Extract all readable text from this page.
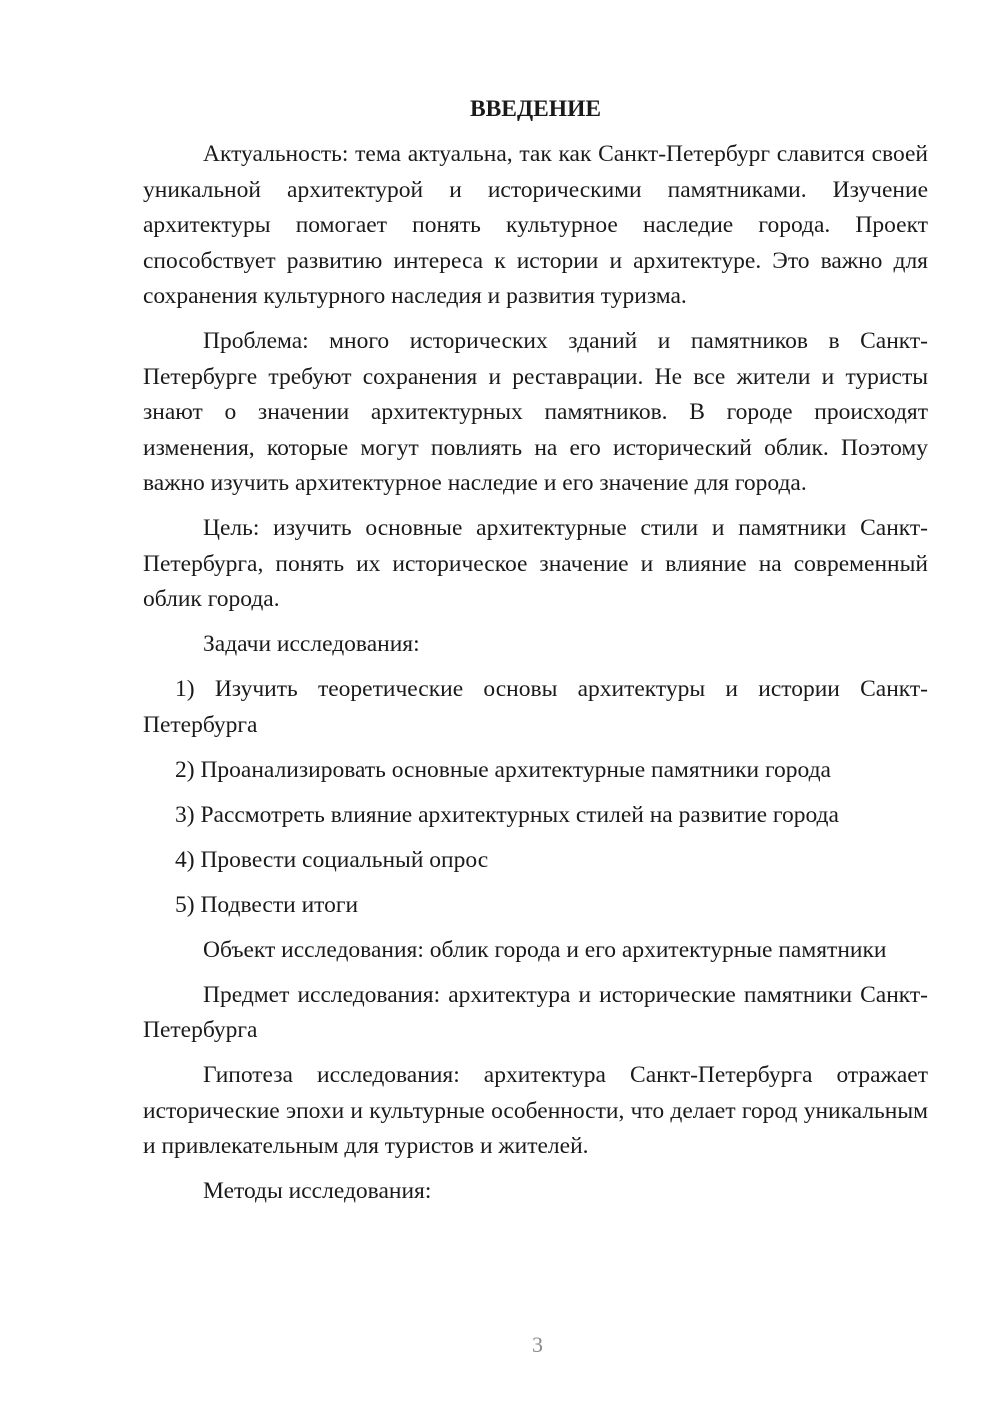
ВВЕДЕНИЕ

Актуальность: тема актуальна, так как Санкт-Петербург славится своей уникальной архитектурой и историческими памятниками. Изучение архитектуры помогает понять культурное наследие города. Проект способствует развитию интереса к истории и архитектуре. Это важно для сохранения культурного наследия и развития туризма.

Проблема: много исторических зданий и памятников в Санкт-Петербурге требуют сохранения и реставрации. Не все жители и туристы знают о значении архитектурных памятников. В городе происходят изменения, которые могут повлиять на его исторический облик. Поэтому важно изучить архитектурное наследие и его значение для города.

Цель: изучить основные архитектурные стили и памятники Санкт-Петербурга, понять их историческое значение и влияние на современный облик города.

Задачи исследования:

1) Изучить теоретические основы архитектуры и истории Санкт-Петербурга

2) Проанализировать основные архитектурные памятники города

3) Рассмотреть влияние архитектурных стилей на развитие города

4) Провести социальный опрос

5) Подвести итоги

Объект исследования: облик города и его архитектурные памятники

Предмет исследования: архитектура и исторические памятники Санкт-Петербурга

Гипотеза исследования: архитектура Санкт-Петербурга отражает исторические эпохи и культурные особенности, что делает город уникальным и привлекательным для туристов и жителей.

Методы исследования:

3
